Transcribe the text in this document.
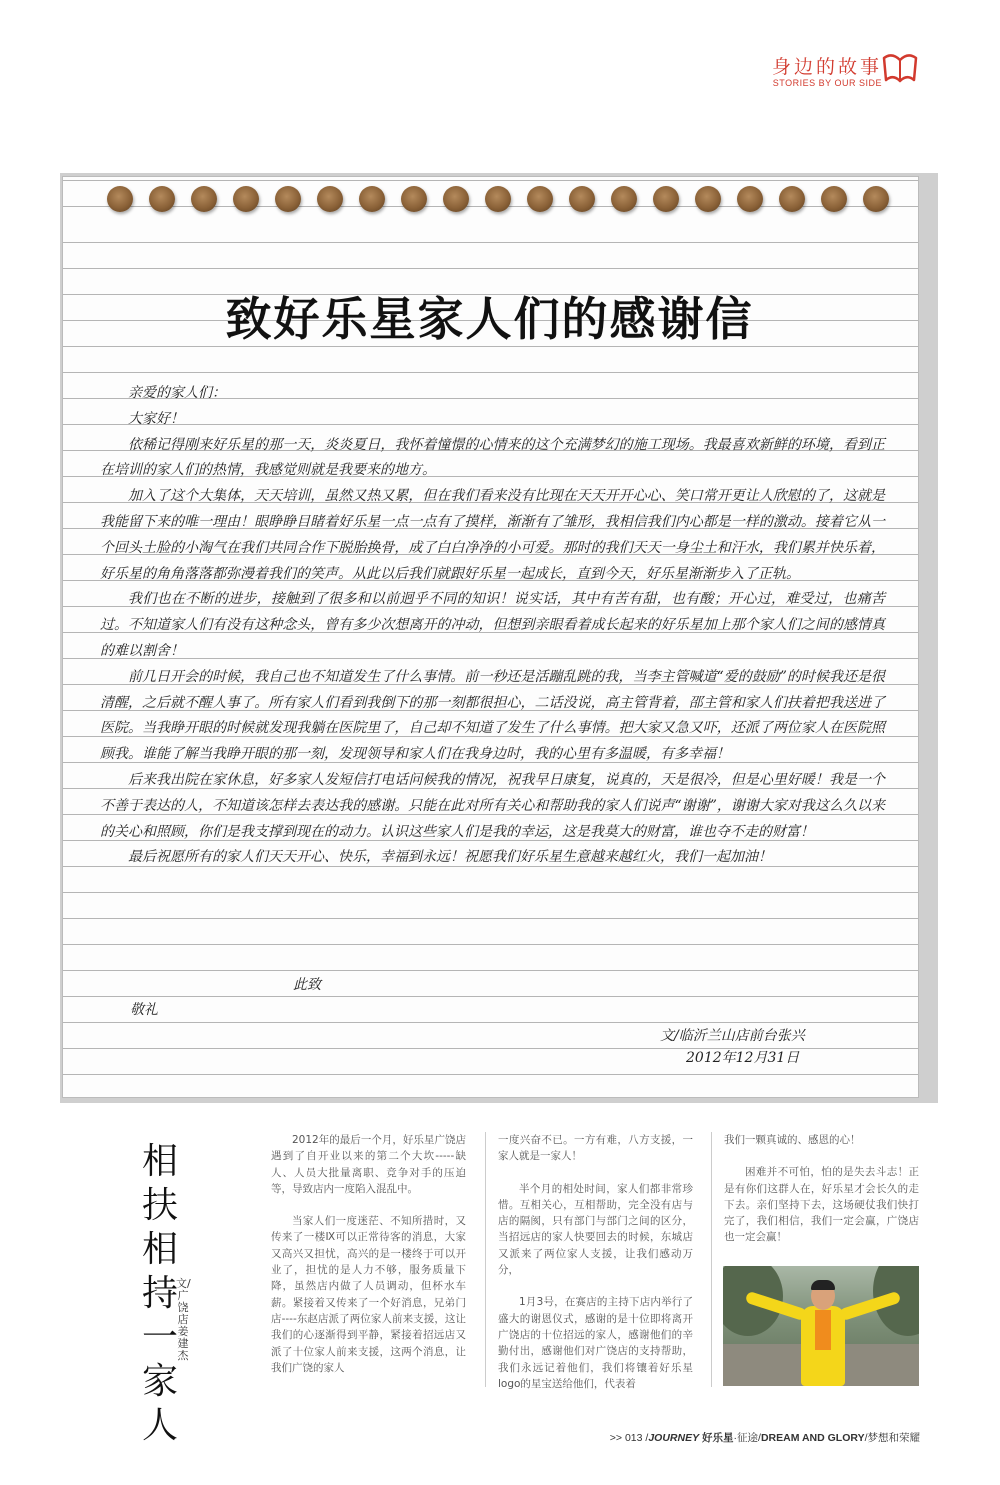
身边的故事
STORIES BY OUR SIDE
致好乐星家人们的感谢信

亲爱的家人们：

大家好！

依稀记得刚来好乐星的那一天，炎炎夏日，我怀着憧憬的心情来的这个充满梦幻的施工现场。我最喜欢新鲜的环境，看到正在培训的家人们的热情，我感觉则就是我要来的地方。

加入了这个大集体，天天培训，虽然又热又累，但在我们看来没有比现在天天开开心心、笑口常开更让人欣慰的了，这就是我能留下来的唯一理由！眼睁睁目睹着好乐星一点一点有了摸样，渐渐有了雏形，我相信我们内心都是一样的激动。接着它从一个回头土脸的小淘气在我们共同合作下脱胎换骨，成了白白净净的小可爱。那时的我们天天一身尘土和汗水，我们累并快乐着，好乐星的角角落落都弥漫着我们的笑声。从此以后我们就跟好乐星一起成长，直到今天，好乐星渐渐步入了正轨。

我们也在不断的进步，接触到了很多和以前迥乎不同的知识！说实话，其中有苦有甜，也有酸；开心过，难受过，也痛苦过。不知道家人们有没有这种念头，曾有多少次想离开的冲动，但想到亲眼看着成长起来的好乐星加上那个家人们之间的感情真的难以割舍！

前几日开会的时候，我自己也不知道发生了什么事情。前一秒还是活蹦乱跳的我，当李主管喊道“爱的鼓励”的时候我还是很清醒，之后就不醒人事了。所有家人们看到我倒下的那一刻都很担心，二话没说，高主管背着，邵主管和家人们扶着把我送进了医院。当我睁开眼的时候就发现我躺在医院里了，自己却不知道了发生了什么事情。把大家又急又吓，还派了两位家人在医院照顾我。谁能了解当我睁开眼的那一刻，发现领导和家人们在我身边时，我的心里有多温暖，有多幸福！

后来我出院在家休息，好多家人发短信打电话问候我的情况，祝我早日康复，说真的，天是很冷，但是心里好暖！我是一个不善于表达的人，不知道该怎样去表达我的感谢。只能在此对所有关心和帮助我的家人们说声“谢谢”，谢谢大家对我这么久以来的关心和照顾，你们是我支撑到现在的动力。认识这些家人们是我的幸运，这是我莫大的财富，谁也夺不走的财富！

最后祝愿所有的家人们天天开心、快乐，幸福到永远！祝愿我们好乐星生意越来越红火，我们一起加油！

此致
敬礼
文/临沂兰山店前台张兴
2012年12月31日
相扶相持一家人
文/广饶店姜建杰

2012年的最后一个月，好乐星广饶店遇到了自开业以来的第二个大坎-----缺人、人员大批量离职、竞争对手的压迫等，导致店内一度陷入混乱中。

当家人们一度迷茫、不知所措时，又传来了一楼Ⅸ可以正常待客的消息，大家又高兴又担忧，高兴的是一楼终于可以开业了，担忧的是人力不够，服务质量下降，虽然店内做了人员调动，但杯水车薪。紧接着又传来了一个好消息，兄弟门店----东赵店派了两位家人前来支援，这让我们的心逐渐得到平静，紧接着招远店又派了十位家人前来支援，这两个消息，让我们广饶的家人

一度兴奋不已。一方有难，八方支援，一家人就是一家人！

半个月的相处时间，家人们都非常珍惜。互相关心，互相帮助，完全没有店与店的隔阂，只有部门与部门之间的区分，当招远店的家人快要回去的时候，东城店又派来了两位家人支援，让我们感动万分，

1月3号，在赛店的主持下店内举行了盛大的谢恩仪式，感谢的是十位即将离开广饶店的十位招远的家人，感谢他们的辛勤付出，感谢他们对广饶店的支持帮助，我们永远记着他们，我们将镶着好乐星logo的星宝送给他们，代表着

我们一颗真诚的、感恩的心！

困难并不可怕，怕的是失去斗志！正是有你们这群人在，好乐星才会长久的走下去。亲们坚持下去，这场硬仗我们快打完了，我们相信，我们一定会赢，广饶店也一定会赢！

>> 013 /JOURNEY 好乐星·征途/DREAM AND GLORY/梦想和荣耀
